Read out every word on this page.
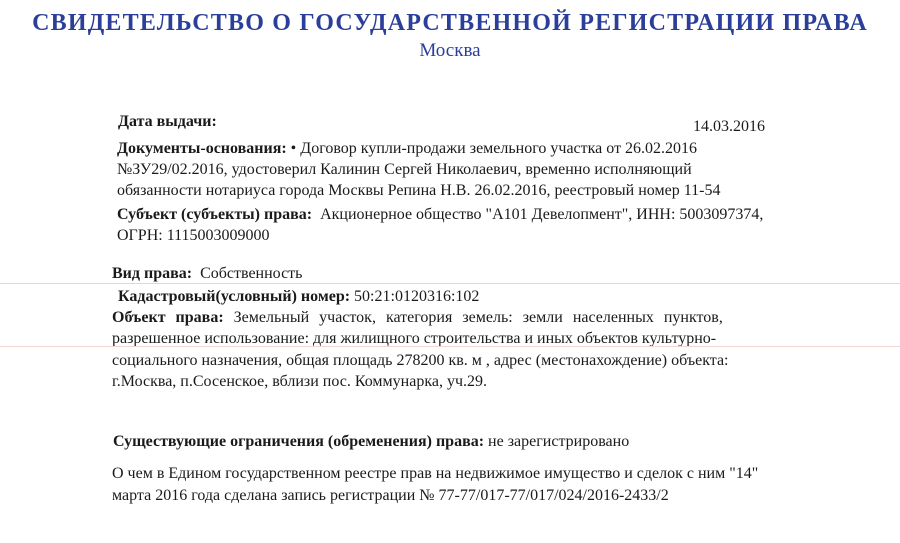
СВИДЕТЕЛЬСТВО О ГОСУДАРСТВЕННОЙ РЕГИСТРАЦИИ ПРАВА
Москва
Дата выдачи:	14.03.2016
Документы-основания: • Договор купли-продажи земельного участка от 26.02.2016
№ЗУ29/02.2016, удостоверил Калинин Сергей Николаевич, временно исполняющий
обязанности нотариуса города Москвы Репина Н.В. 26.02.2016, реестровый номер 11-54
Субъект (субъекты) права: Акционерное общество "А101 Девелопмент", ИНН: 5003097374,
ОГРН: 1115003009000
Вид права: Собственность
Кадастровый(условный) номер: 50:21:0120316:102
Объект права: Земельный участок, категория земель: земли населенных пунктов,
разрешенное использование: для жилищного строительства и иных объектов культурно-
социального назначения, общая площадь 278200 кв. м , адрес (местонахождение) объекта:
г.Москва, п.Сосенское, вблизи пос. Коммунарка, уч.29.
Существующие ограничения (обременения) права: не зарегистрировано
О чем в Едином государственном реестре прав на недвижимое имущество и сделок с ним "14"
марта 2016 года сделана запись регистрации № 77-77/017-77/017/024/2016-2433/2
